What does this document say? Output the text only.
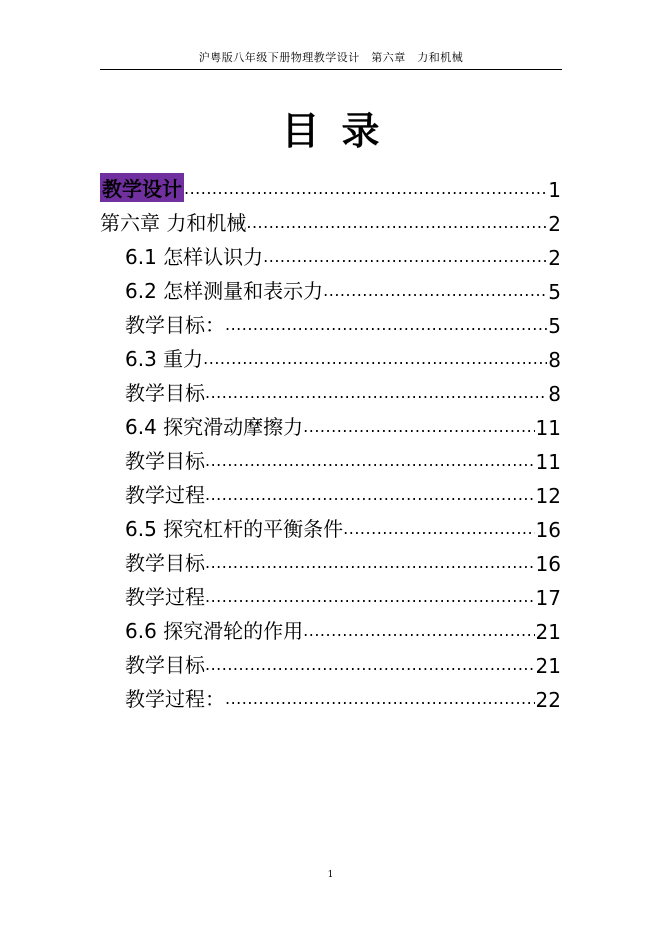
沪粤版八年级下册物理教学设计　第六章　力和机械
目录
教学设计 .....	1
第六章 力和机械 .....	2
6.1 怎样认识力 .....	2
6.2 怎样测量和表示力 .....	5
教学目标： .....	5
6.3 重力 .....	8
教学目标 .....	8
6.4 探究滑动摩擦力 .....	11
教学目标 .....	11
教学过程 .....	12
6.5 探究杠杆的平衡条件 .....	16
教学目标 .....	16
教学过程 .....	17
6.6 探究滑轮的作用 .....	21
教学目标 .....	21
教学过程： .....	22
1
